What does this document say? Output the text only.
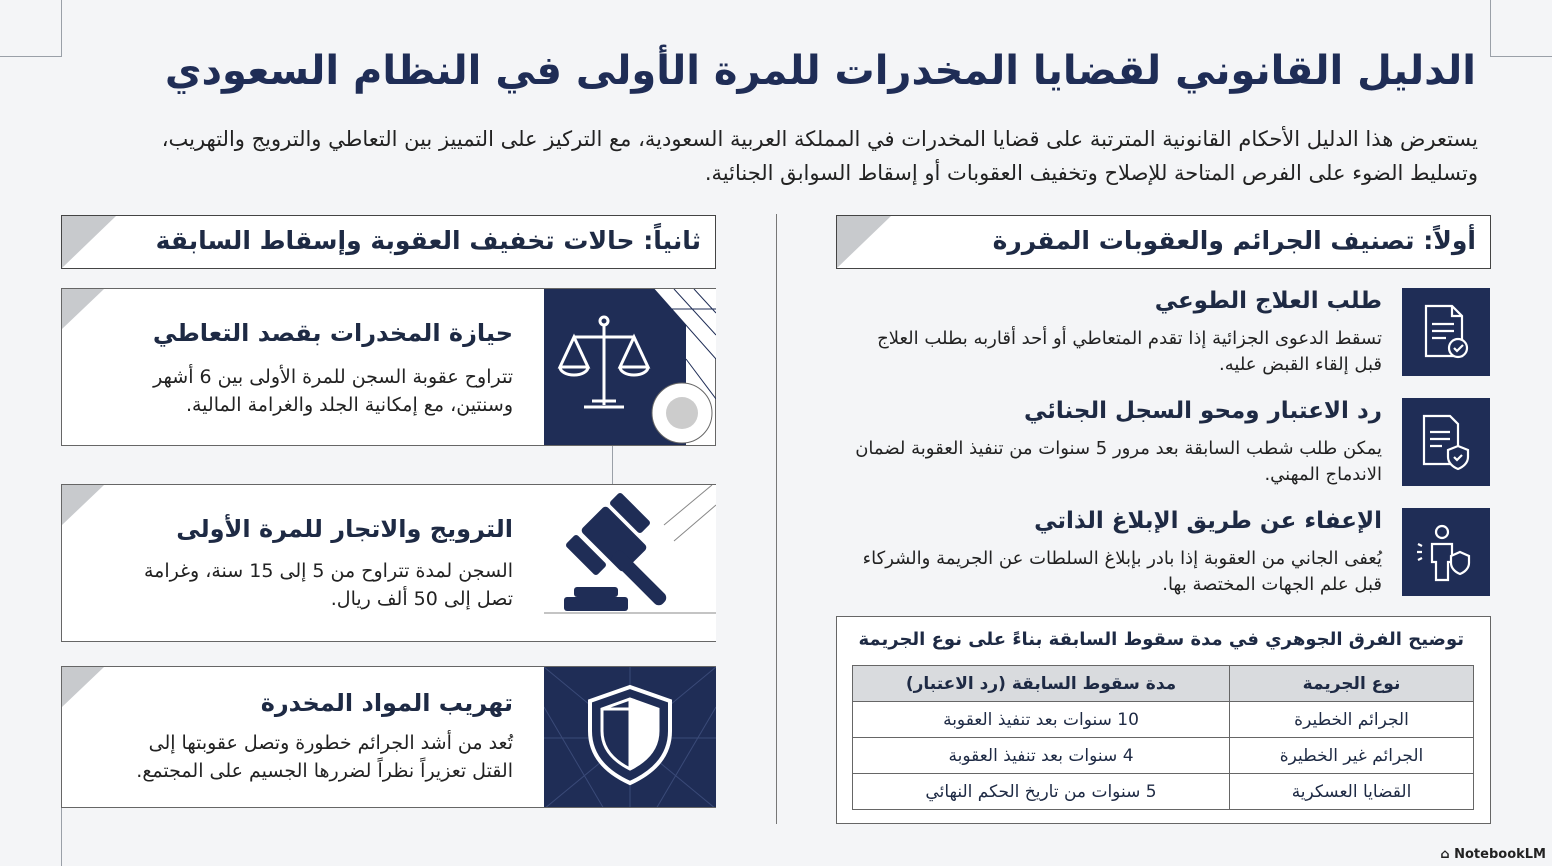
الدليل القانوني لقضايا المخدرات للمرة الأولى في النظام السعودي

يستعرض هذا الدليل الأحكام القانونية المترتبة على قضايا المخدرات في المملكة العربية السعودية، مع التركيز على التمييز بين التعاطي والترويج والتهريب، وتسليط الضوء على الفرص المتاحة للإصلاح وتخفيف العقوبات أو إسقاط السوابق الجنائية.

أولاً: تصنيف الجرائم والعقوبات المقررة
ثانياً: حالات تخفيف العقوبة وإسقاط السابقة
طلب العلاج الطوعي

تسقط الدعوى الجزائية إذا تقدم المتعاطي أو أحد أقاربه بطلب العلاج قبل إلقاء القبض عليه.

رد الاعتبار ومحو السجل الجنائي

يمكن طلب شطب السابقة بعد مرور 5 سنوات من تنفيذ العقوبة لضمان الاندماج المهني.

الإعفاء عن طريق الإبلاغ الذاتي

يُعفى الجاني من العقوبة إذا بادر بإبلاغ السلطات عن الجريمة والشركاء قبل علم الجهات المختصة بها.

توضيح الفرق الجوهري في مدة سقوط السابقة بناءً على نوع الجريمة
نوع الجريمة	مدة سقوط السابقة (رد الاعتبار)
الجرائم الخطيرة	10 سنوات بعد تنفيذ العقوبة
الجرائم غير الخطيرة	4 سنوات بعد تنفيذ العقوبة
القضايا العسكرية	5 سنوات من تاريخ الحكم النهائي
حيازة المخدرات بقصد التعاطي

تتراوح عقوبة السجن للمرة الأولى بين 6 أشهر وسنتين، مع إمكانية الجلد والغرامة المالية.

الترويج والاتجار للمرة الأولى

السجن لمدة تتراوح من 5 إلى 15 سنة، وغرامة تصل إلى 50 ألف ريال.

تهريب المواد المخدرة

تُعد من أشد الجرائم خطورة وتصل عقوبتها إلى القتل تعزيراً نظراً لضررها الجسيم على المجتمع.

⌂ NotebookLM
